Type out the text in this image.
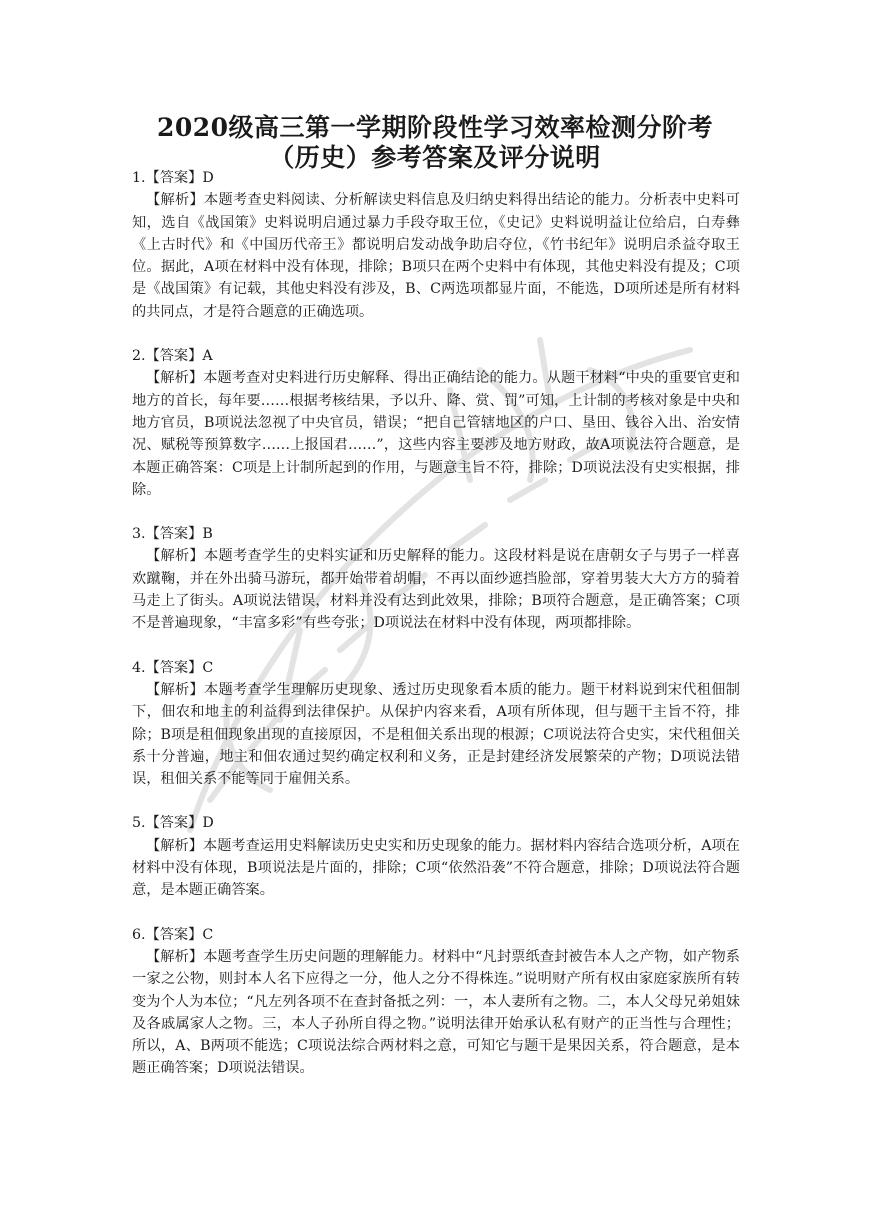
2020级高三第一学期阶段性学习效率检测分阶考
（历史）参考答案及评分说明
1.【答案】D

【解析】本题考查史料阅读、分析解读史料信息及归纳史料得出结论的能力。分析表中史料可知，选自《战国策》史料说明启通过暴力手段夺取王位，《史记》史料说明益让位给启，白寿彝《上古时代》和《中国历代帝王》都说明启发动战争助启夺位，《竹书纪年》说明启杀益夺取王位。据此，A项在材料中没有体现，排除；B项只在两个史料中有体现，其他史料没有提及；C项是《战国策》有记载，其他史料没有涉及，B、C两选项都显片面，不能选，D项所述是所有材料的共同点，才是符合题意的正确选项。

2.【答案】A

【解析】本题考查对史料进行历史解释、得出正确结论的能力。从题干材料“中央的重要官吏和地方的首长，每年要……根据考核结果，予以升、降、赏、罚”可知，上计制的考核对象是中央和地方官员，B项说法忽视了中央官员，错误；“把自己管辖地区的户口、垦田、钱谷入出、治安情况、赋税等预算数字……上报国君……”，这些内容主要涉及地方财政，故A项说法符合题意，是本题正确答案：C项是上计制所起到的作用，与题意主旨不符，排除；D项说法没有史实根据，排除。

3.【答案】B

【解析】本题考查学生的史料实证和历史解释的能力。这段材料是说在唐朝女子与男子一样喜欢蹴鞠，并在外出骑马游玩，都开始带着胡帽，不再以面纱遮挡脸部，穿着男装大大方方的骑着马走上了街头。A项说法错误，材料并没有达到此效果，排除；B项符合题意，是正确答案；C项不是普遍现象，“丰富多彩”有些夸张；D项说法在材料中没有体现，两项都排除。

4.【答案】C

【解析】本题考查学生理解历史现象、透过历史现象看本质的能力。题干材料说到宋代租佃制下，佃农和地主的利益得到法律保护。从保护内容来看，A项有所体现，但与题干主旨不符，排除；B项是租佃现象出现的直接原因，不是租佃关系出现的根源；C项说法符合史实，宋代租佃关系十分普遍，地主和佃农通过契约确定权利和义务，正是封建经济发展繁荣的产物；D项说法错误，租佃关系不能等同于雇佣关系。

5.【答案】D

【解析】本题考查运用史料解读历史史实和历史现象的能力。据材料内容结合选项分析，A项在材料中没有体现，B项说法是片面的，排除；C项“依然沿袭”不符合题意，排除；D项说法符合题意，是本题正确答案。

6.【答案】C

【解析】本题考查学生历史问题的理解能力。材料中“凡封票纸查封被告本人之产物，如产物系一家之公物，则封本人名下应得之一分，他人之分不得株连。”说明财产所有权由家庭家族所有转变为个人为本位；“凡左列各项不在查封备抵之列：一，本人妻所有之物。二，本人父母兄弟姐妹及各戚属家人之物。三，本人子孙所自得之物。”说明法律开始承认私有财产的正当性与合理性；所以，A、B两项不能选；C项说法综合两材料之意，可知它与题干是果因关系，符合题意，是本题正确答案；D项说法错误。
